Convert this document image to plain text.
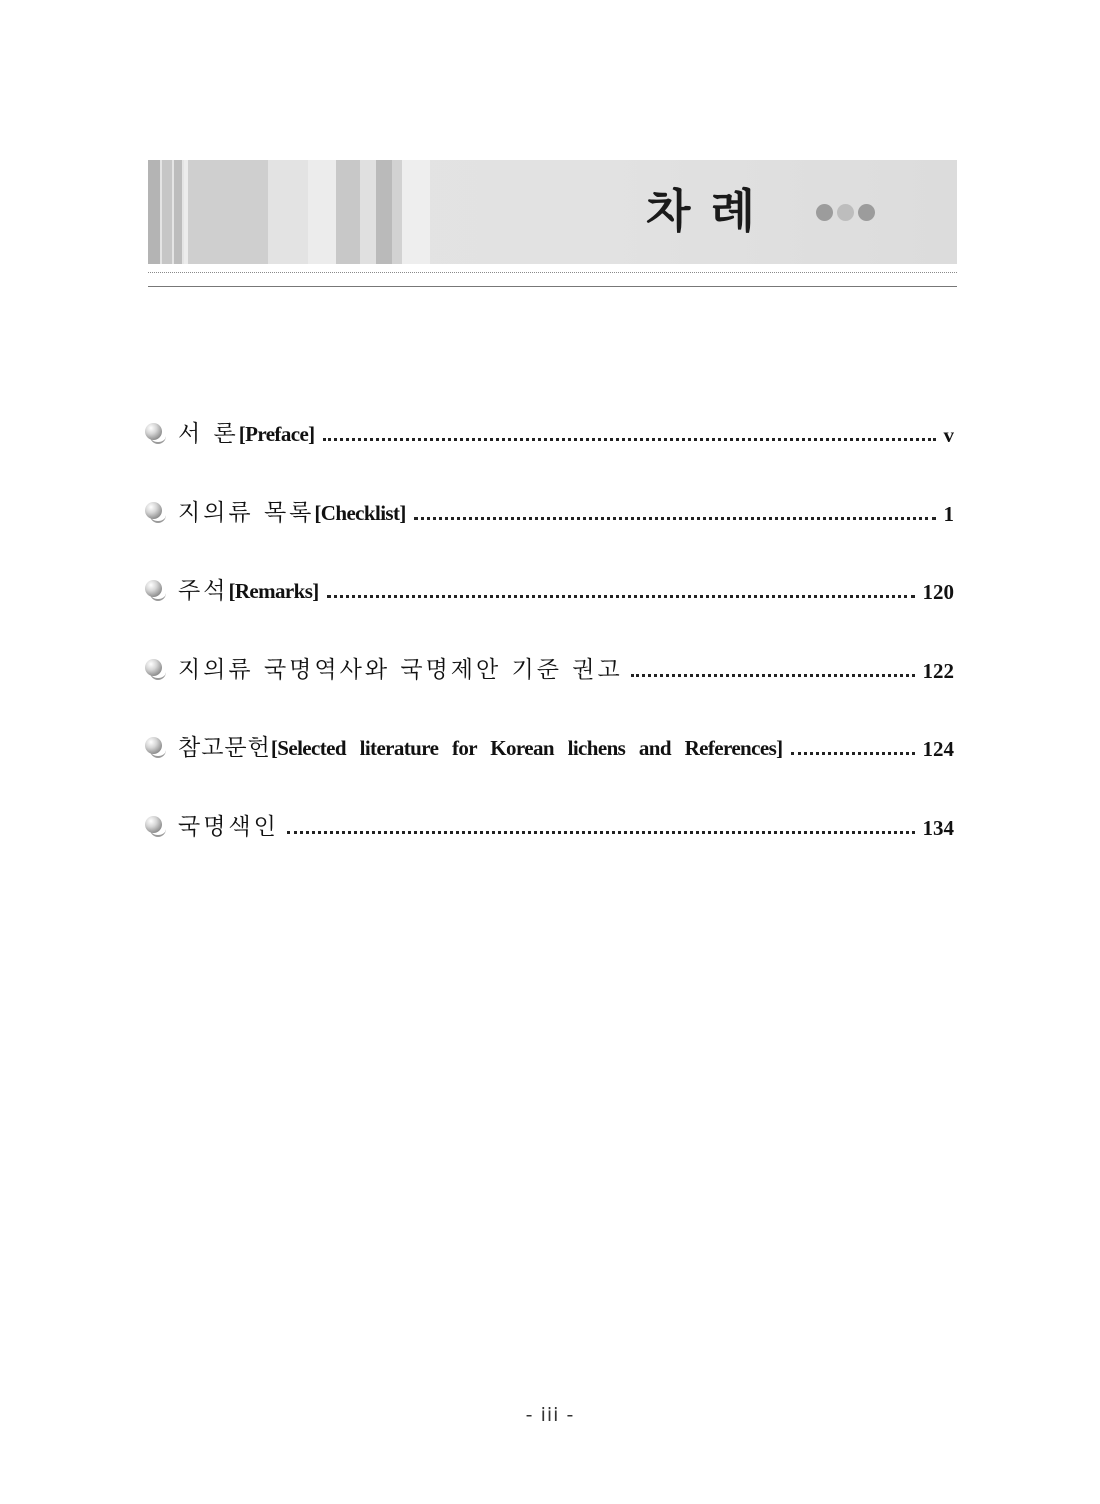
차 례
서 론[Preface]	v
지의류 목록[Checklist]	1
주석[Remarks]	120
지의류 국명역사와 국명제안 기준 권고	122
참고문헌[Selected literature for Korean lichens and References]	124
국명색인	134
- iii -
